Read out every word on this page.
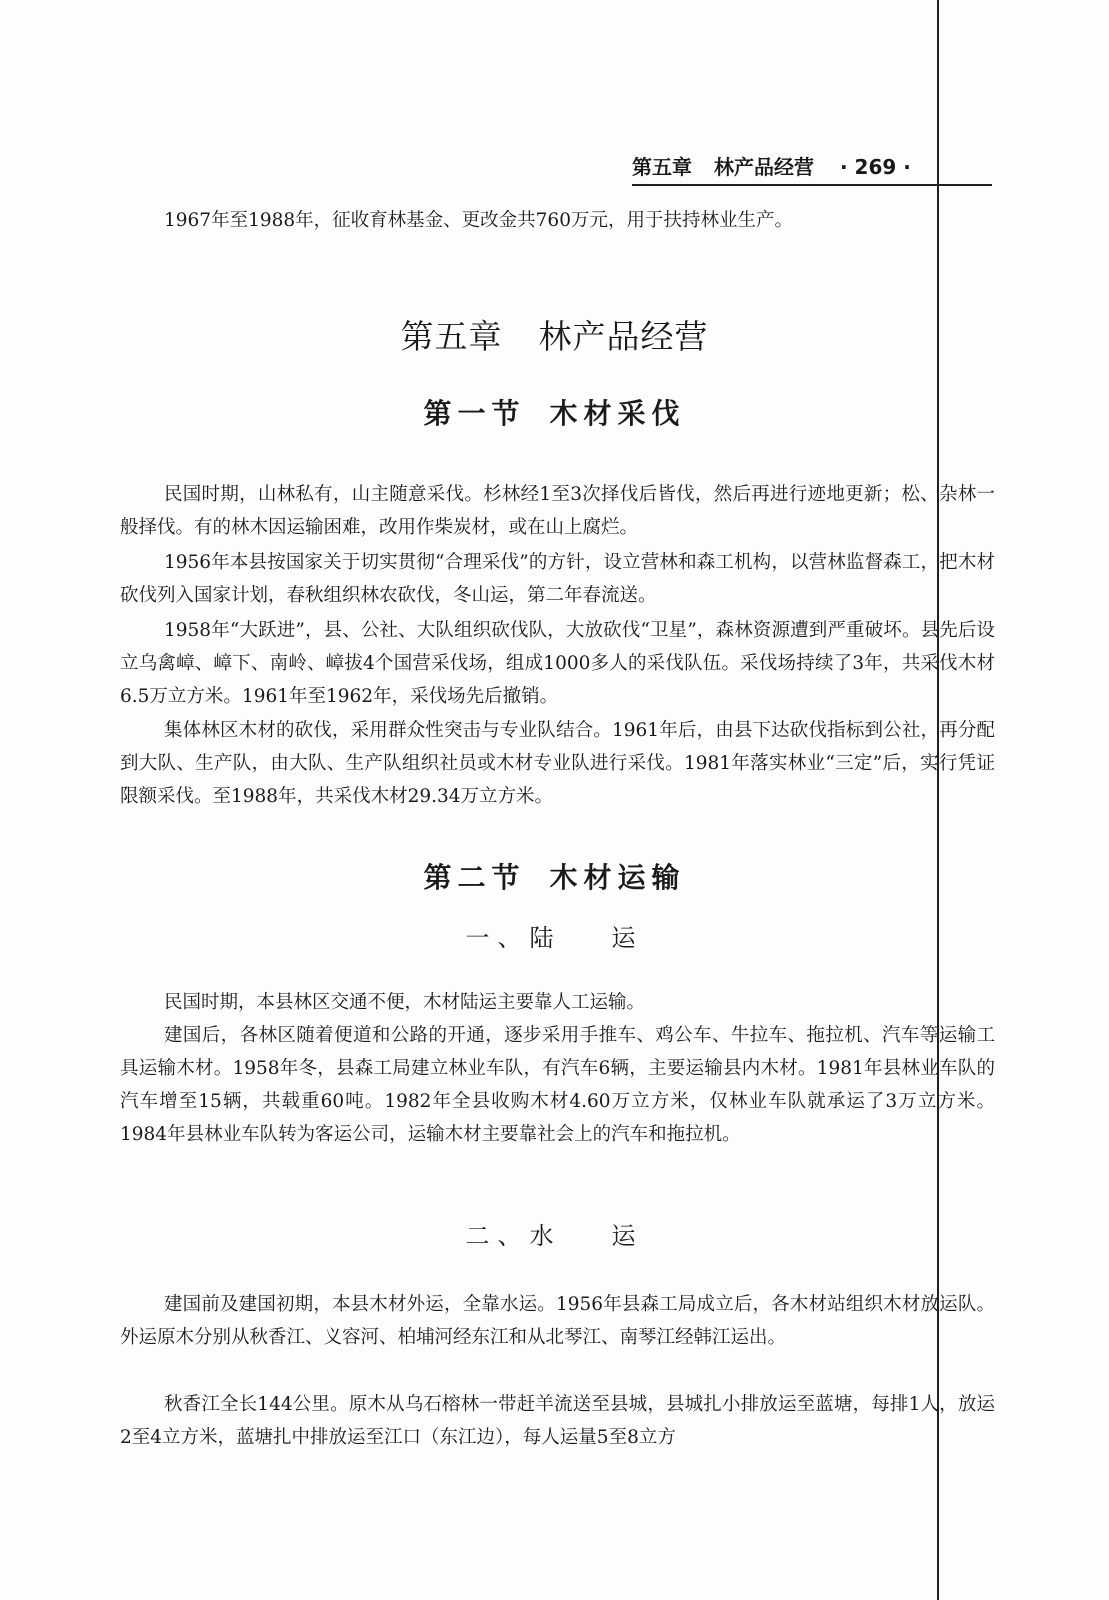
第五章 林产品经营 · 269 ·

1967年至1988年，征收育林基金、更改金共760万元，用于扶持林业生产。

第五章 林产品经营
第一节 木材采伐

民国时期，山林私有，山主随意采伐。杉林经1至3次择伐后皆伐，然后再进行迹地更新；松、杂林一般择伐。有的林木因运输困难，改用作柴炭材，或在山上腐烂。

1956年本县按国家关于切实贯彻“合理采伐”的方针，设立营林和森工机构，以营林监督森工，把木材砍伐列入国家计划，春秋组织林农砍伐，冬山运，第二年春流送。

1958年“大跃进”，县、公社、大队组织砍伐队，大放砍伐“卫星”，森林资源遭到严重破坏。县先后设立乌禽嶂、嶂下、南岭、嶂拔4个国营采伐场，组成1000多人的采伐队伍。采伐场持续了3年，共采伐木材6.5万立方米。1961年至1962年，采伐场先后撤销。

集体林区木材的砍伐，采用群众性突击与专业队结合。1961年后，由县下达砍伐指标到公社，再分配到大队、生产队，由大队、生产队组织社员或木材专业队进行采伐。1981年落实林业“三定”后，实行凭证限额采伐。至1988年，共采伐木材29.34万立方米。

第二节 木材运输
一、陆 运

民国时期，本县林区交通不便，木材陆运主要靠人工运输。

建国后，各林区随着便道和公路的开通，逐步采用手推车、鸡公车、牛拉车、拖拉机、汽车等运输工具运输木材。1958年冬，县森工局建立林业车队，有汽车6辆，主要运输县内木材。1981年县林业车队的汽车增至15辆，共载重60吨。1982年全县收购木材4.60万立方米，仅林业车队就承运了3万立方米。1984年县林业车队转为客运公司，运输木材主要靠社会上的汽车和拖拉机。

二、水 运

建国前及建国初期，本县木材外运，全靠水运。1956年县森工局成立后，各木材站组织木材放运队。外运原木分别从秋香江、义容河、柏埔河经东江和从北琴江、南琴江经韩江运出。

秋香江全长144公里。原木从乌石榕林一带赶羊流送至县城，县城扎小排放运至蓝塘，每排1人，放运2至4立方米，蓝塘扎中排放运至江口（东江边），每人运量5至8立方
